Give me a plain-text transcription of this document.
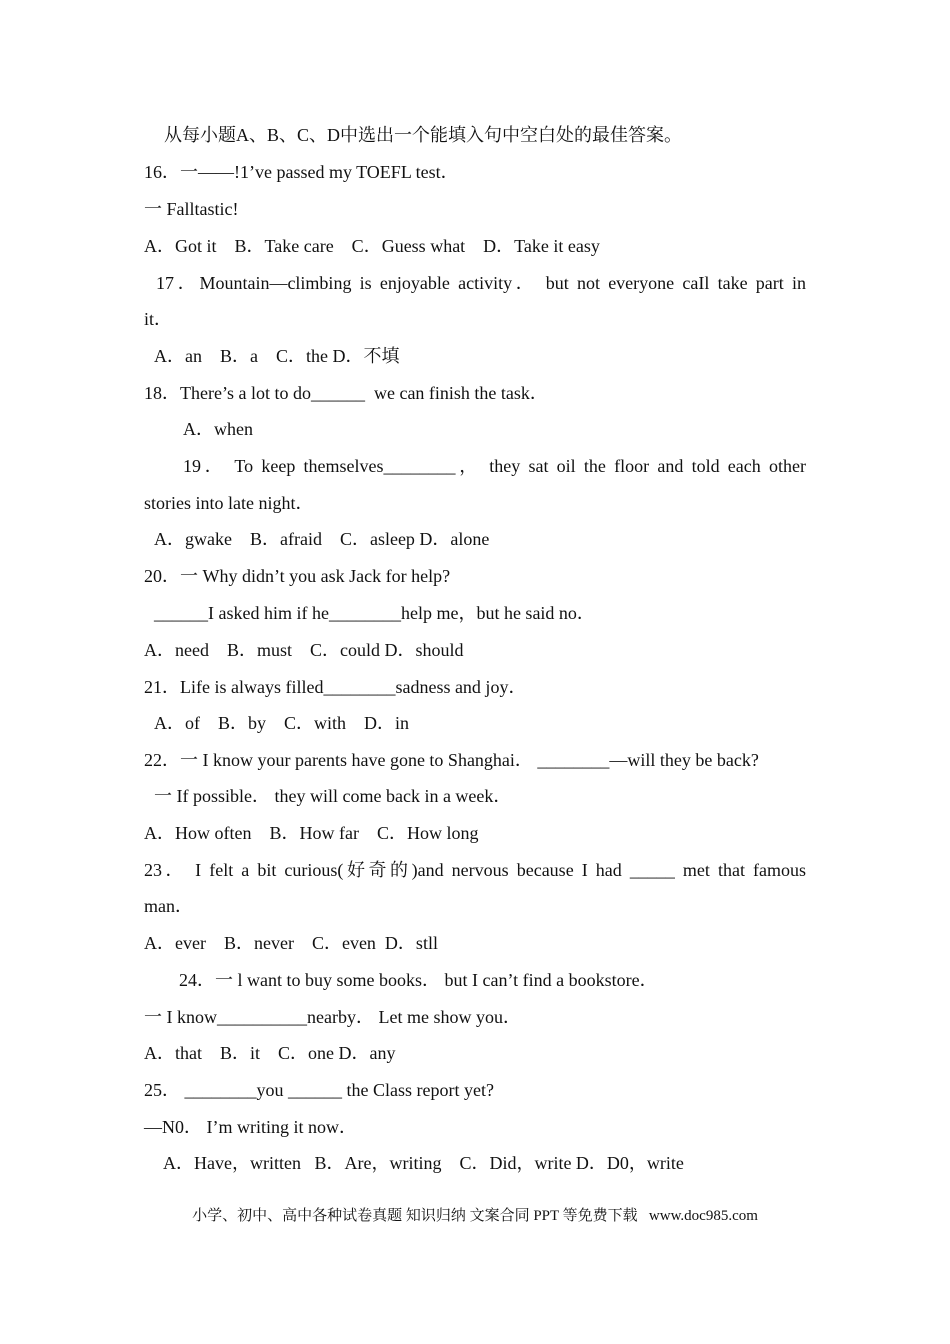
从每小题A、B、C、D中选出一个能填入句中空白处的最佳答案。

16．一——!1’ve passed my TOEFL test．

一 Falltastic!

A．Got it    B．Take care    C．Guess what    D．Take it easy

17．Mountain—climbing is enjoyable activity． but not everyone caIl take part in

it．

A．an    B．a    C．the D．不填

18．There’s a lot to do______  we can finish the task．

A．when

19． To keep themselves________， they sat oil the floor and told each other

stories into late night．

A．gwake    B．afraid    C．asleep D．alone

20．一 Why didn’t you ask Jack for help?

______I asked him if he________help me，but he said no．

A．need    B．must    C．could D．should

21．Life is always filled________sadness and joy．

A．of    B．by    C．with    D．in

22．一 I know your parents have gone to Shanghai． ________—will they be back?

一 If possible． they will come back in a week．

A．How often    B．How far    C．How long

23． I felt a bit curious(好奇的)and nervous because I had _____ met that famous

man．

A．ever    B．never    C．even  D．stll

24．一 l want to buy some books． but I can’t find a bookstore．

一 I know__________nearby． Let me show you．

A．that    B．it    C．one D．any

25． ________you ______ the Class report yet?

—N0． I’m writing it now．

A．Have，written   B．Are，writing    C．Did，write D．D0，write

小学、初中、高中各种试卷真题 知识归纳 文案合同 PPT 等免费下载   www.doc985.com
